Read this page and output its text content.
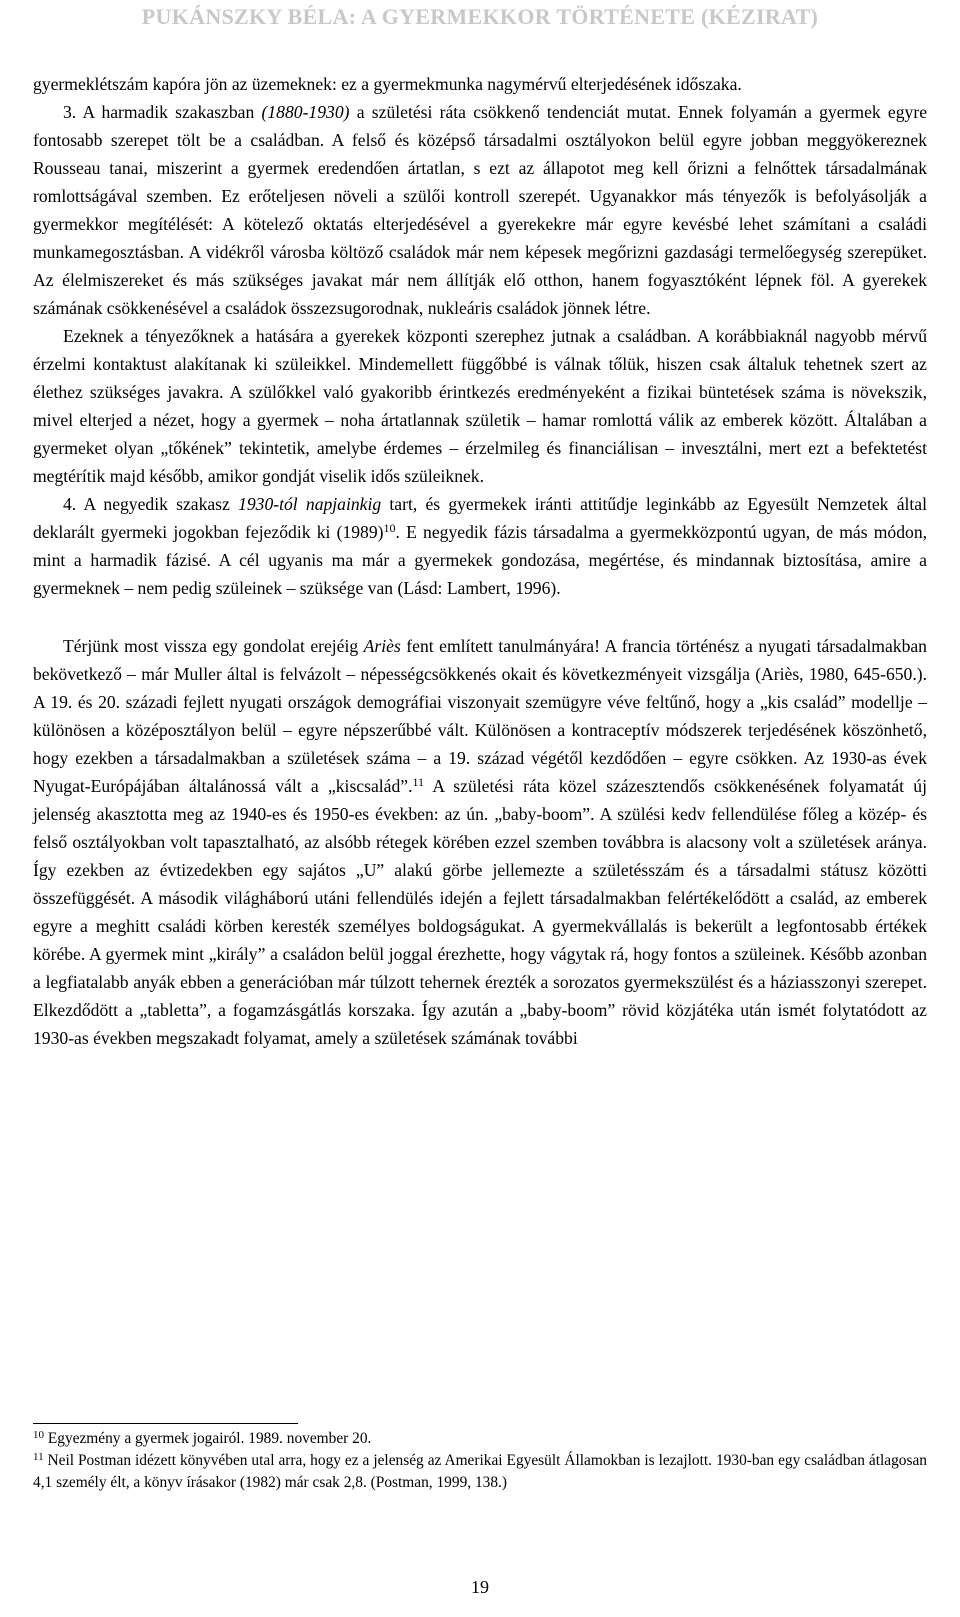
PUKÁNSZKY BÉLA: A GYERMEKKOR TÖRTÉNETE (KÉZIRAT)

gyermeklétszám kapóra jön az üzemeknek: ez a gyermekmunka nagymérvű elterjedésének időszaka.

3. A harmadik szakaszban (1880-1930) a születési ráta csökkenő tendenciát mutat. Ennek folyamán a gyermek egyre fontosabb szerepet tölt be a családban. A felső és középső társadalmi osztályokon belül egyre jobban meggyökereznek Rousseau tanai, miszerint a gyermek eredendően ártatlan, s ezt az állapotot meg kell őrizni a felnőttek társadalmának romlottságával szemben. Ez erőteljesen növeli a szülői kontroll szerepét. Ugyanakkor más tényezők is befolyásolják a gyermekkor megítélését: A kötelező oktatás elterjedésével a gyerekekre már egyre kevésbé lehet számítani a családi munkamegosztásban. A vidékről városba költöző családok már nem képesek megőrizni gazdasági termelőegység szerepüket. Az élelmiszereket és más szükséges javakat már nem állítják elő otthon, hanem fogyasztóként lépnek föl. A gyerekek számának csökkenésével a családok összezsugorodnak, nukleáris családok jönnek létre.

Ezeknek a tényezőknek a hatására a gyerekek központi szerephez jutnak a családban. A korábbiaknál nagyobb mérvű érzelmi kontaktust alakítanak ki szüleikkel. Mindemellett függőbbé is válnak tőlük, hiszen csak általuk tehetnek szert az élethez szükséges javakra. A szülőkkel való gyakoribb érintkezés eredményeként a fizikai büntetések száma is növekszik, mivel elterjed a nézet, hogy a gyermek – noha ártatlannak születik – hamar romlottá válik az emberek között. Általában a gyermeket olyan „tőkének” tekintetik, amelybe érdemes – érzelmileg és financiálisan – invesztálni, mert ezt a befektetést megtérítik majd később, amikor gondját viselik idős szüleiknek.

4. A negyedik szakasz 1930-tól napjainkig tart, és gyermekek iránti attitűdje leginkább az Egyesült Nemzetek által deklarált gyermeki jogokban fejeződik ki $(1989)^{10}$. E negyedik fázis társadalma a gyermekközpontú ugyan, de más módon, mint a harmadik fázisé. A cél ugyanis ma már a gyermekek gondozása, megértése, és mindannak biztosítása, amire a gyermeknek – nem pedig szüleinek – szüksége van (Lásd: Lambert, 1996).

Térjünk most vissza egy gondolat erejéig Ariès fent említett tanulmányára! A francia történész a nyugati társadalmakban bekövetkező – már Muller által is felvázolt – népességcsökkenés okait és következményeit vizsgálja (Ariès, 1980, 645-650.). A 19. és 20. századi fejlett nyugati országok demográfiai viszonyait szemügyre véve feltűnő, hogy a „kis család” modellje – különösen a középosztályon belül – egyre népszerűbbé vált. Különösen a kontraceptív módszerek terjedésének köszönhető, hogy ezekben a társadalmakban a születések száma – a 19. század végétől kezdődően – egyre csökken. Az 1930-as évek Nyugat-Európájában általánossá vált a „kiscsalád”.$^{11}$ A születési ráta közel százesztendős csökkenésének folyamatát új jelenség akasztotta meg az 1940-es és 1950-es években: az ún. „baby-boom”. A szülési kedv fellendülése főleg a közép- és felső osztályokban volt tapasztalható, az alsóbb rétegek körében ezzel szemben továbbra is alacsony volt a születések aránya. Így ezekben az évtizedekben egy sajátos „U” alakú görbe jellemezte a születésszám és a társadalmi státusz közötti összefüggését. A második világháború utáni fellendülés idején a fejlett társadalmakban felértékelődött a család, az emberek egyre a meghitt családi körben keresték személyes boldogságukat. A gyermekvállalás is bekerült a legfontosabb értékek körébe. A gyermek mint „király” a családon belül joggal érezhette, hogy vágytak rá, hogy fontos a szüleinek. Később azonban a legfiatalabb anyák ebben a generációban már túlzott tehernek érezték a sorozatos gyermekszülést és a háziasszonyi szerepet. Elkezdődött a „tabletta”, a fogamzásgátlás korszaka. Így azután a „baby-boom” rövid közjátéka után ismét folytatódott az 1930-as években megszakadt folyamat, amely a születések számának további

$^{10}$ Egyezmény a gyermek jogairól. 1989. november 20.

$^{11}$ Neil Postman idézett könyvében utal arra, hogy ez a jelenség az Amerikai Egyesült Államokban is lezajlott. 1930-ban egy családban átlagosan 4,1 személy élt, a könyv írásakor (1982) már csak 2,8. (Postman, 1999, 138.)

19
